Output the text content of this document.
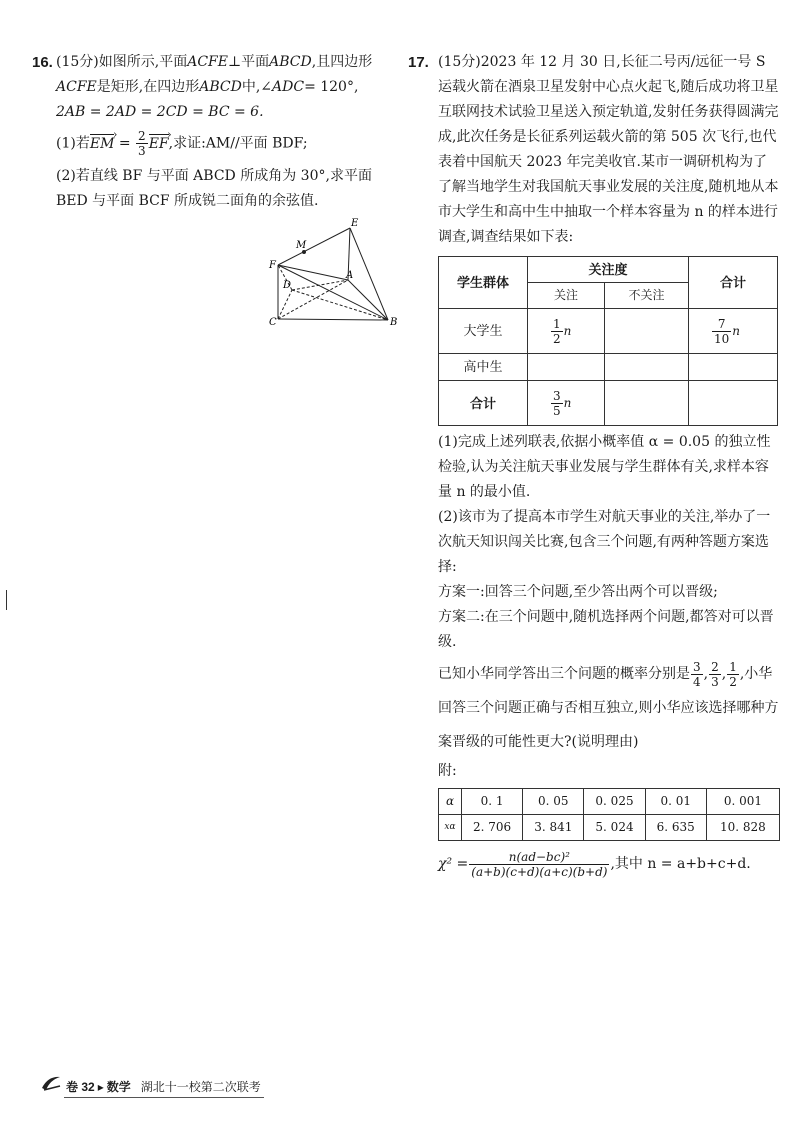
16. (15分)如图所示,平面ACFE⊥平面ABCD,且四边形ACFE是矩形,在四边形ABCD中,∠ADC= 120°,
2AB = 2AD = 2CD = BC = 6.

(1)若EM › = $\frac{2}{3}$ EF ›,求证:AM//平面 BDF;

(2)若直线 BF 与平面 ABCD 所成角为 30°,求平面 BED 与平面 BCF 所成锐二面角的余弦值.

M
E
F
D
A
C	B
17. (15分)2023 年 12 月 30 日,长征二号丙/远征一号 S 运载火箭在酒泉卫星发射中心点火起飞,随后成功将卫星互联网技术试验卫星送入预定轨道,发射任务获得圆满完成,此次任务是长征系列运载火箭的第 505 次飞行,也代表着中国航天 2023 年完美收官.某市一调研机构为了了解当地学生对我国航天事业发展的关注度,随机地从本市大学生和高中生中抽取一个样本容量为 n 的样本进行调查,调查结果如下表:

学生群体	关注度		合计
	关注	不关注	
大学生	$\frac{1}{2}$ n		$\frac{7}{10}$ n
高中生			
合计	$\frac{3}{5}$ n		

(1)完成上述列联表,依据小概率值 α = 0.05 的独立性检验,认为关注航天事业发展与学生群体有关,求样本容量 n 的最小值.

(2)该市为了提高本市学生对航天事业的关注,举办了一次航天知识闯关比赛,包含三个问题,有两种答题方案选择:

方案一:回答三个问题,至少答出两个可以晋级;

方案二:在三个问题中,随机选择两个问题,都答对可以晋级.

已知小华同学答出三个问题的概率分别是 $\frac{3}{4}$ , $\frac{2}{3}$ , $\frac{1}{2}$ ,小华回答三个问题正确与否相互独立,则小华应该选择哪种方案晋级的可能性更大?(说明理由)

附:

α	0. 1	0. 05	0. 025	0. 01	0. 001
xα	2. 706	3. 841	5. 024	6. 635	10. 828

$\chi^2 = \frac{\text{n(ad−bc)²}}{(a+b)(c+d)(a+c)(b+d)}$ ,其中 n = a+b+c+d.

卷 32 ▸ 数学 湖北十一校第二次联考
